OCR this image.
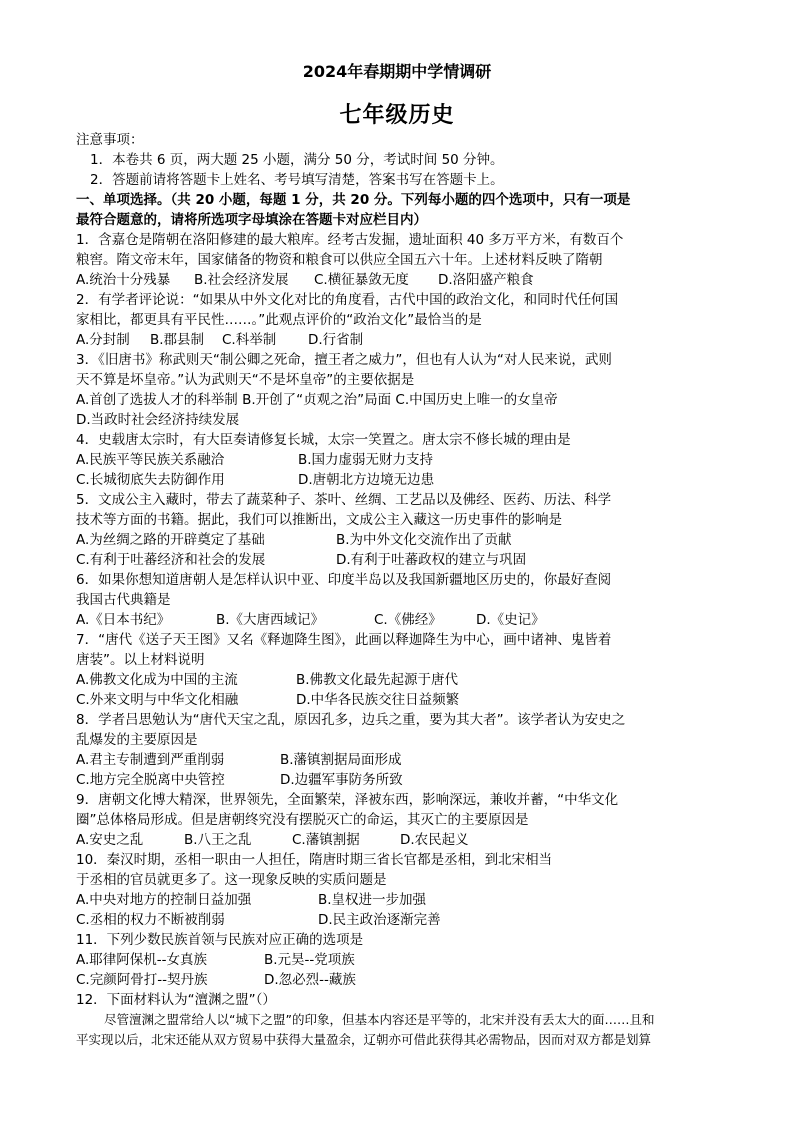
2024年春期期中学情调研
七年级历史
注意事项：
1．本卷共 6 页，两大题 25 小题，满分 50 分，考试时间 50 分钟。
2．答题前请将答题卡上姓名、考号填写清楚，答案书写在答题卡上。
一、单项选择。（共 20 小题，每题 1 分，共 20 分。下列每小题的四个选项中，只有一项是
最符合题意的，请将所选项字母填涂在答题卡对应栏目内）
1．含嘉仓是隋朝在洛阳修建的最大粮库。经考古发掘，遗址面积 40 多万平方米，有数百个
粮窖。隋文帝末年，国家储备的物资和粮食可以供应全国五六十年。上述材料反映了隋朝
A.统治十分残暴 B.社会经济发展 C.横征暴敛无度 D.洛阳盛产粮食
2．有学者评论说：“如果从中外文化对比的角度看，古代中国的政治文化，和同时代任何国
家相比，都更具有平民性……。”此观点评价的“政治文化”最恰当的是
A.分封制 B.郡县制 C.科举制 D.行省制
3．《旧唐书》称武则天“制公卿之死命，擅王者之威力”，但也有人认为“对人民来说，武则
天不算是坏皇帝。”认为武则天“不是坏皇帝”的主要依据是
A.首创了选拔人才的科举制 B.开创了“贞观之治”局面 C.中国历史上唯一的女皇帝
D.当政时社会经济持续发展
4．史载唐太宗时，有大臣奏请修复长城，太宗一笑置之。唐太宗不修长城的理由是
A.民族平等民族关系融洽	B.国力虚弱无财力支持
C.长城彻底失去防御作用	D.唐朝北方边境无边患
5．文成公主入藏时，带去了蔬菜种子、茶叶、丝绸、工艺品以及佛经、医药、历法、科学
技术等方面的书籍。据此，我们可以推断出，文成公主入藏这一历史事件的影响是
A.为丝绸之路的开辟奠定了基础	B.为中外文化交流作出了贡献
C.有利于吐蕃经济和社会的发展	D.有利于吐蕃政权的建立与巩固
6．如果你想知道唐朝人是怎样认识中亚、印度半岛以及我国新疆地区历史的，你最好查阅
我国古代典籍是
A.《日本书纪》	B.《大唐西域记》	C.《佛经》	D.《史记》
7．“唐代《送子天王图》又名《释迦降生图》，此画以释迦降生为中心，画中诸神、鬼皆着
唐装”。以上材料说明
A.佛教文化成为中国的主流	B.佛教文化最先起源于唐代
C.外来文明与中华文化相融	D.中华各民族交往日益频繁
8．学者吕思勉认为“唐代天宝之乱，原因孔多，边兵之重，要为其大者”。该学者认为安史之
乱爆发的主要原因是
A.君主专制遭到严重削弱	B.藩镇割据局面形成
C.地方完全脱离中央管控	D.边疆军事防务所致
9．唐朝文化博大精深，世界领先，全面繁荣，泽被东西，影响深远，兼收并蓄，“中华文化
圈”总体格局形成。但是唐朝终究没有摆脱灭亡的命运，其灭亡的主要原因是
A.安史之乱	B.八王之乱	C.藩镇割据	D.农民起义
10．秦汉时期，丞相一职由一人担任，隋唐时期三省长官都是丞相，到北宋相当
于丞相的官员就更多了。这一现象反映的实质问题是
A.中央对地方的控制日益加强	B.皇权进一步加强
C.丞相的权力不断被削弱	D.民主政治逐渐完善
11．下列少数民族首领与民族对应正确的选项是
A.耶律阿保机--女真族	B.元昊--党项族
C.完颜阿骨打--契丹族	D.忽必烈--藏族
12．下面材料认为“澶渊之盟”（）
尽管澶渊之盟常给人以“城下之盟”的印象，但基本内容还是平等的，北宋并没有丢太大的面……且和
平实现以后，北宋还能从双方贸易中获得大量盈余，辽朝亦可借此获得其必需物品，因而对双方都是划算
